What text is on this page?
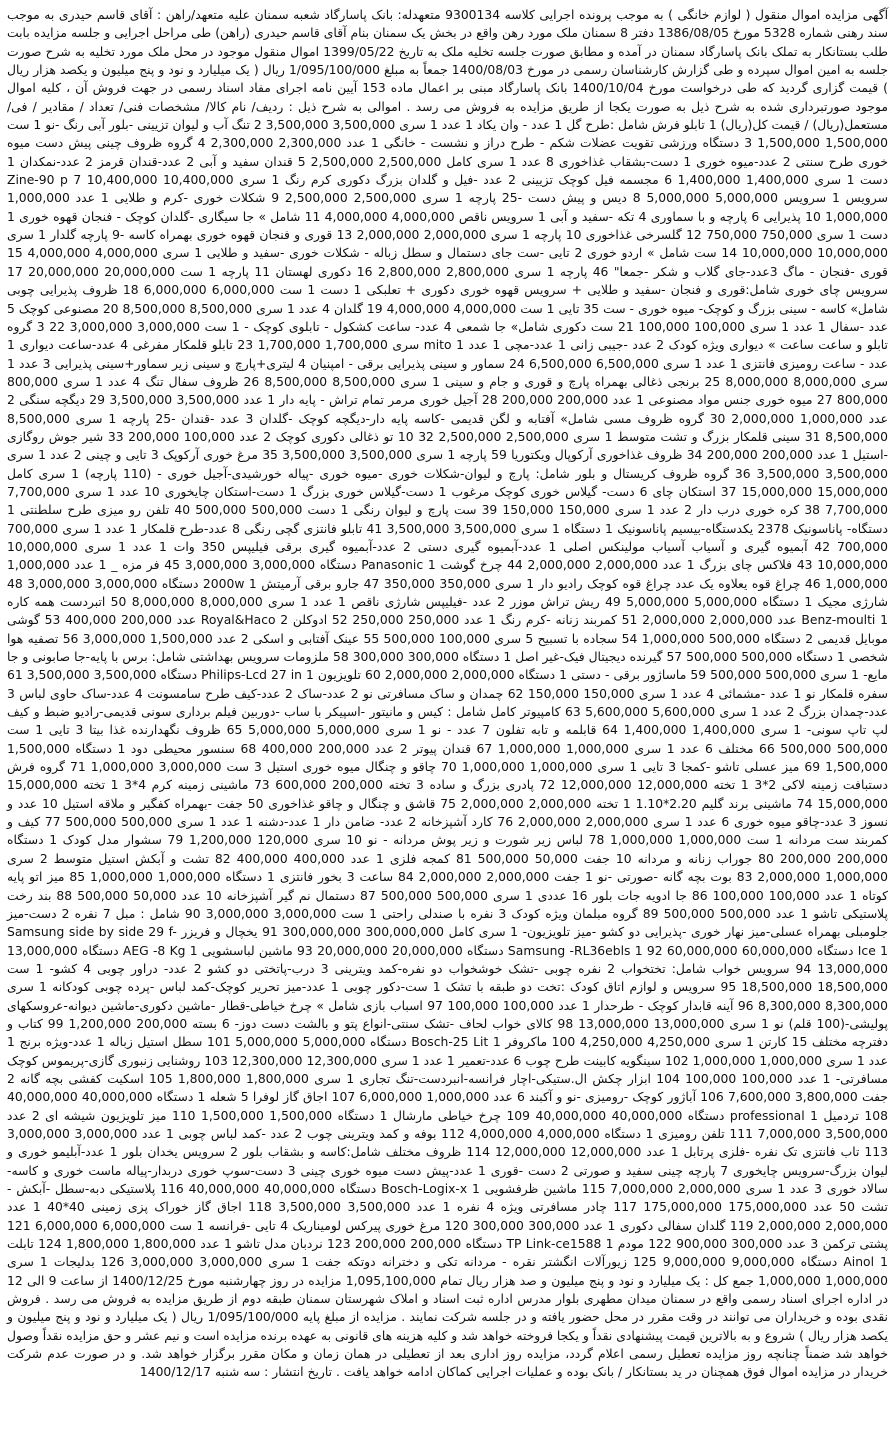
آگهی مزایده اموال منقول ( لوازم خانگی ) به موجب پرونده اجرایی کلاسه 9300134 متعهدله: بانک پاسارگاد شعبه سمنان علیه متعهد/راهن : آقای قاسم حیدری به موجب سند رهنی شماره 5328 مورخ 1386/08/05 دفتر 8 سمنان ملک مورد رهن واقع در بخش یک سمنان بنام آقای قاسم حیدری (راهن) طی مراحل اجرایی و جلسه مزایده بابت طلب بستانکار به تملک بانک پاسارگاد سمنان در آمده و مطابق صورت جلسه تخلیه ملک به تاریخ 1399/05/22 اموال منقول موجود در محل ملک مورد تخلیه به شرح صورت جلسه به امین اموال سپرده و طی گزارش کارشناسان رسمی در مورخ 1400/08/03 جمعاً به مبلغ 1/095/100/000 ریال ( یک میلیارد و نود و پنج میلیون و یکصد هزار ریال ) قیمت گزاری گردید که طی درخواست مورخ 1400/10/04 بانک پاسارگاد مبنی بر اعمال ماده 153 آیین نامه اجرای مفاد اسناد رسمی در جهت فروش آن ، کلیه اموال موجود صورتبرداری شده به شرح ذیل به صورت یکجا از طریق مزایده به فروش می رسد . اموالی به شرح ذیل : ردیف/ نام کالا/ مشخصات فنی/ تعداد / مقادیر / فی/ مستعمل(ریال) / قیمت کل(ریال) 1 تابلو فرش شامل :طرح گل 1 عدد - وان یکاد 1 عدد 1 سری 3,500,000 3,500,000 2 تنگ آب و لیوان تزیینی -بلور آبی رنگ -نو 1 ست 1,500,000 1,500,000 3 دستگاه ورزشی تقویت عضلات شکم - طرح دراز و نشست - خانگی 1 عدد 2,300,000 2,300,000 4 گروه ظروف چینی پیش دست میوه خوری طرح سنتی 2 عدد-میوه خوری 1 دست-بشقاب غذاخوری 8 عدد 1 سری کامل 2,500,000 2,500,000 5 قندان سفید و آبی 2 عدد-قندان قرمز 2 عدد-نمکدان 1 دست 1 سری 1,400,000 1,400,000 6 مجسمه فیل کوچک تزیینی 2 عدد -فیل و گلدان بزرگ دکوری کرم رنگ 1 سری 10,400,000 10,400,000 7 Zine-90 p سرویس 1 سرویس 5,000,000 5,000,000 8 دیس و پیش دست -25 پارچه 1 سری 2,500,000 2,500,000 9 شکلات خوری -کرم و طلایی 1 عدد 1,000,000 1,000,000 10 پذیرایی 6 پارچه و با سماوری 4 تکه -سفید و آبی 1 سرویس ناقص 4,000,000 4,000,000 11 شامل » جا سیگاری -گلدان کوچک - فنجان قهوه خوری 1 دست 1 سری 750,000 750,000 12 گلسرخی غذاخوری 10 پارچه 1 سری 2,000,000 2,000,000 13 قوری و فنجان قهوه خوری بهمراه کاسه -9 پارچه گلدار 1 سری 10,000,000 10,000,000 14 ست شامل » اردو خوری 2 تایی -ست جای دستمال و سطل زباله - شکلات خوری -سفید و طلایی 1 سری 4,000,000 4,000,000 15 قوری -فنجان - ماگ 3عدد-جای گلاب و شکر -جمعا" 46 پارچه 1 سری 2,800,000 2,800,000 16 دکوری لهستان 11 پارچه 1 ست 20,000,000 20,000,000 17 سرویس چای خوری شامل:قوری و فنجان -سفید و طلایی + سرویس قهوه خوری دکوری + تعلبکی 1 دست 1 ست 6,000,000 6,000,000 18 ظروف پذیرایی چوبی شامل» کاسه - سینی بزرگ و کوچک- میوه خوری - ست 35 تایی 1 ست 4,000,000 4,000,000 19 گلدان 4 عدد 1 سری 8,500,000 8,500,000 20 مصنوعی کوچک 5 عدد -سفال 1 عدد 1 سری 100,000 100,000 21 ست دکوری شامل» جا شمعی 4 عدد- ساعت کشکول - تابلوی کوچک - 1 ست 3,000,000 3,000,000 22 3 گروه تابلو و ساعت ساعت » دیواری ویژه کودک 2 عدد -جیبی زانی 1 عدد-مچی 1 عدد mito 1 سری 1,700,000 1,700,000 23 تابلو قلمکار مفرغی 4 عدد-ساعت دیواری 1 عدد - ساعت رومیزی فانتزی 1 عدد 1 سری 6,500,000 6,500,000 24 سماور و سینی پذیرایی برقی - امپنیان 4 لیتری+پارچ و سینی زیر سماور+سینی پذیرایی 3 عدد 1 سری 8,000,000 8,000,000 25 برنجی ذغالی بهمراه پارچ و قوری و جام و سینی 1 سری 8,500,000 8,500,000 26 ظروف سفال تنگ 4 عدد 1 سری 800,000 800,000 27 میوه خوری جنس مواد مصنوعی 1 عدد 200,000 200,000 28 آجیل خوری مرمر تمام تراش - پایه دار 1 عدد 3,500,000 3,500,000 29 دیگچه سنگی 2 عدد 1,000,000 2,000,000 30 گروه ظروف مسی شامل» آفتابه و لگن قدیمی -کاسه پایه دار-دیگچه کوچک -گلدان 3 عدد -قندان -25 پارچه 1 سری 8,500,000 8,500,000 31 سینی قلمکار بزرگ و تشت متوسط 1 سری 2,500,000 2,500,000 32 10 تو ذغالی دکوری کوچک 2 عدد 100,000 200,000 33 شیر جوش روگازی -استیل 1 عدد 200,000 200,000 34 ظروف غذاخوری آرکوپال ویکتوریا 59 پارچه 1 سری 3,500,000 3,500,000 35 مرغ خوری آرکوپک 3 تایی و چینی 2 عدد 1 سری 3,500,000 3,500,000 36 گروه ظروف کریستال و بلور شامل: پارچ و لیوان-شکلات خوری -میوه خوری -پیاله خورشیدی-آجیل خوری - (110 پارچه) 1 سری کامل 15,000,000 15,000,000 37 استکان چای 6 دست- گیلاس خوری کوچک مرغوب 1 دست-گیلاس خوری بزرگ 1 دست-استکان چایخوری 10 عدد 1 سری 7,700,000 7,700,000 38 کره خوری درب دار 2 عدد 1 سری 150,000 150,000 39 ست پارچ و لیوان رنگی 1 دست 500,000 500,000 40 تلفن رو میزی طرح سلطنتی 1 دستگاه- پاناسونیک 2378 یکدستگاه-بیسیم پاناسونیک 1 دستگاه 1 سری 3,500,000 3,500,000 41 تابلو فانتزی گچی رنگی 8 عدد-طرح قلمکار 1 عدد 1 سری 700,000 700,000 42 آبمیوه گیری و آسیاب آسیاب مولینکس اصلی 1 عدد-آبمیوه گیری دستی 2 عدد-آبمیوه گیری برقی فیلیپس 350 وات 1 عدد 1 سری 10,000,000 10,000,000 43 فلاکس چای بزرگ 1 عدد 2,000,000 2,000,000 44 چرخ گوشت Panasonic 1 دستگاه 3,000,000 3,000,000 45 فر مزه _ 1 عدد 1,000,000 1,000,000 46 چراغ قوه یعلاوه یک عدد چراغ قوه کوچک رادیو دار 1 سری 350,000 350,000 47 جارو برقی آرمیتش 1 2000w دستگاه 3,000,000 3,000,000 48 شارژی مجیک 1 دستگاه 5,000,000 5,000,000 49 ریش تراش موزر 2 عدد -فیلیپس شارژی ناقص 1 عدد 1 سری 8,000,000 8,000,000 50 اتبردست همه کاره Benz-moulti 1 عدد 2,000,000 2,000,000 51 کمربند زنانه -کرم رنگ 1 عدد 250,000 250,000 52 ادوکلن Royal&Haco 2 عدد 200,000 400,000 53 گوشی موبایل قدیمی 2 دستگاه 500,000 1,000,000 54 سجاده با تسبیح 5 سری 100,000 500,000 55 عینک آفتابی و اسکی 2 عدد 1,500,000 3,000,000 56 تصفیه هوا شخصی 1 دستگاه 500,000 500,000 57 گیرنده دیجیتال فیک-غیر اصل 1 دستگاه 300,000 300,000 58 ملزومات سرویس بهداشتی شامل: برس با پایه-جا صابونی و جا مایع- 1 سری 500,000 500,000 59 ماساژور برقی - دستی 1 دستگاه 2,000,000 2,000,000 60 تلویزیون Philips-Lcd 27 in 1 دستگاه 3,500,000 3,500,000 61 سفره قلمکار نو 1 عدد -مشمائی 4 عدد 1 سری 150,000 150,000 62 چمدان و ساک مسافرتی نو 2 عدد-ساک 2 عدد-کیف طرح سامسونت 4 عدد-ساک حاوی لباس 3 عدد-چمدان بزرگ 2 عدد 1 سری 5,600,000 5,600,000 63 کامپیوتر کامل شامل : کیس و مانیتور -اسپیکر با ساب -دوربین فیلم برداری سونی قدیمی-رادیو ضبط و کیف لپ تاپ سونی- 1 سری 1,400,000 1,400,000 64 قابلمه و تابه تفلون 7 عدد - نو 1 سری 5,000,000 5,000,000 65 ظروف نگهدارنده غذا بیتا 3 تایی 1 ست 500,000 500,000 66 مختلف 6 عدد 1 سری 1,000,000 1,000,000 67 قندان پیوتر 2 عدد 200,000 400,000 68 سنسور محیطی دود 1 دستگاه 1,500,000 1,500,000 69 میز عسلی تاشو -کمجا 3 تایی 1 سری 1,000,000 1,000,000 70 چاقو و چنگال میوه خوری استیل 3 ست 3,000,000 1,000,000 71 گروه فرش دستبافت زمینه لاکی 2*3 1 تخته 12,000,000 12,000,000 72 پادری بزرگ و ساده 3 تخته 200,000 600,000 73 ماشینی زمینه کرم 4*3 1 تخته 15,000,000 15,000,000 74 ماشینی برند گلیم 2.20*1.10 1 تخته 2,000,000 2,000,000 75 قاشق و چنگال و چاقو غذاخوری 50 جفت -بهمراه کفگیر و ملاقه استیل 10 عدد و نسوز 3 عدد-چاقو میوه خوری 6 عدد 1 سری 2,000,000 2,000,000 76 کارد آشپزخانه 2 عدد- ضامن دار 1 عدد-دشنه 1 عدد 1 سری 500,000 500,000 77 کیف و کمربند ست مردانه 1 ست 1,000,000 1,000,000 78 لباس زیر شورت و زیر پوش مردانه - نو 10 سری 120,000 1,200,000 79 سشوار مدل کودک 1 دستگاه 200,000 200,000 80 جوراب زنانه و مردانه 10 جفت 50,000 500,000 81 کمجه فلزی 1 عدد 400,000 400,000 82 تشت و آبکش استیل متوسط 2 سری 1,000,000 2,000,000 83 بوت بچه گانه -صورتی -نو 1 جفت 2,000,000 2,000,000 84 ساعت 3 بخور فانتزی 1 دستگاه 1,000,000 1,000,000 85 میز اتو پایه کوتاه 1 عدد 100,000 100,000 86 جا ادویه جات بلور 16 عددی 1 سری 500,000 500,000 87 دستمال نم گیر آشپزخانه 10 عدد 50,000 500,000 88 بند رخت پلاستیکی تاشو 1 عدد 500,000 500,000 89 گروه مبلمان ویژه کودک 3 نفره با صندلی راحتی 1 ست 3,000,000 3,000,000 90 شامل : مبل 7 نفره 2 دست-میز جلومبلی بهمراه عسلی-میز نهار خوری -پذیرایی دو کشو -میز تلویزیون- 1 سری کامل 300,000,000 300,000,000 91 یخچال و فریزر Samsung side by side 29 f-Ice 1 دستگاه 60,000,000 60,000,000 92 Samsung -RL36ebls 1 دستگاه 20,000,000 20,000,000 93 ماشین لباسشویی AEG -8 Kg 1 دستگاه 13,000,000 13,000,000 94 سرویس خواب شامل: تختخواب 2 نفره چوبی -تشک خوشخواب دو نفره-کمد ویترینی 3 درب-پاتختی دو کشو 2 عدد- دراور چوبی 4 کشو- 1 ست 18,500,000 18,500,000 95 سرویس و لوازم اتاق کودک :تخت دو طبقه با تشک 1 ست-دکور چوبی 1 عدد-میز تحریر کوچک-کمد لباس -پرده چوبی کودکانه 1 سری 8,300,000 8,300,000 96 آینه قابدار کوچک - طرحدار 1 عدد 100,000 100,000 97 اسباب بازی شامل » چرخ خیاطی-قطار -ماشین دکوری-ماشین دیوانه-عروسکهای پولیشی-(100 قلم) نو 1 سری 13,000,000 13,000,000 98 کالای خواب لحاف -تشک سنتی-انواع پتو و بالشت دست دوز- 6 بسته 200,000 1,200,000 99 کتاب و دفترچه مختلف 15 کارتن 1 سری 4,250,000 4,250,000 100 ماکروفر Bosch-25 Lit 1 دستگاه 5,000,000 5,000,000 101 سطل استیل زباله 1 عدد-ویژه برنج 1 عدد 1 سری 1,000,000 1,000,000 102 سینگویه کابینت طرح چوب 6 عدد-تعمیر 1 عدد 1 سری 12,300,000 12,300,000 103 روشنایی زنبوری گازی-پریموس کوچک مسافرتی- 1 عدد 100,000 100,000 104 ابزار چکش ال.ستیکی-اچار فرانسه-انبردست-تنگ تجاری 1 سری 1,800,000 1,800,000 105 اسکیت کفشی بچه گانه 2 جفت 3,800,000 7,600,000 106 آباژور کوچک -رومیزی -نو و آکبند 6 عدد 1,000,000 6,000,000 107 اجاق گاز لوفرا 5 شعله 1 دستگاه 40,000,000 40,000,000 108 تردمیل professional 1 دستگاه 40,000,000 40,000,000 109 چرخ خیاطی مارشال 1 دستگاه 1,500,000 1,500,000 110 میز تلویزیون شیشه ای 2 عدد 3,500,000 7,000,000 111 تلفن رومیزی 1 دستگاه 4,000,000 4,000,000 112 بوفه و کمد ویترینی چوب 2 عدد -کمد لباس چوبی 1 عدد 3,000,000 3,000,000 113 تاب فانتزی تک نفره -فلزی پرتابل 1 عدد 12,000,000 12,000,000 114 ظروف مختلف شامل:کاسه و بشقاب بلور 2 سرویس یخدان بلور 1 عدد-آبلیمو خوری و لیوان بزرگ-سرویس چایخوری 7 پارچه چینی سفید و صورتی 2 دست -قوری 1 عدد-پیش دست میوه خوری چینی 3 دست-سوپ خوری دربدار-پیاله ماست خوری و کاسه-سالاد خوری 3 عدد 1 سری 2,000,000 7,000,000 115 ماشین ظرفشویی Bosch-Logix-x 1 دستگاه 40,000,000 40,000,000 116 پلاستیکی دبه-سطل -آبکش - تشت 50 عدد 175,000,000 175,000,000 117 چادر مسافرتی ویژه 4 نفره 1 عدد 3,500,000 3,500,000 118 اجاق گاز خوراک پزی زمینی 40*40 1 عدد 2,000,000 2,000,000 119 گلدان سفالی دکوری 1 عدد 300,000 300,000 120 مرغ خوری پیرکس لومیناریک 4 تایی -فرانسه 1 ست 6,000,000 6,000,000 121 پشتی ترکمن 3 عدد 300,000 900,000 122 مودم TP Link-ce1588 1 دستگاه 200,000 200,000 123 نردبان مدل تاشو 1 عدد 1,800,000 1,800,000 124 تابلت Ainol 1 دستگاه 9,000,000 9,000,000 125 زیورآلات انگشتر نقره - مردانه تکی و دخترانه دوتکه جفت 1 سری 3,000,000 3,000,000 126 بدلیجات 1 سری 1,000,000 1,000,000 جمع کل : یک میلیارد و نود و پنج میلیون و صد هزار ریال تمام 1,095,100,000 مزایده در روز چهارشنبه مورخ 1400/12/25 از ساعت 9 الی 12 در اداره اجرای اسناد رسمی واقع در سمنان میدان مطهری بلوار مدرس اداره ثبت اسناد و املاک شهرستان سمنان طبقه دوم از طریق مزایده به فروش می رسد . فروش نقدی بوده و خریداران می توانند در وقت مقرر در محل حضور یافته و در جلسه شرکت نمایند . مزایده از مبلغ پایه 1/095/100/000 ریال ( یک میلیارد و نود و پنج میلیون و یکصد هزار ریال ) شروع و به بالاترین قیمت پیشنهادی نقداً و یکجا فروخته خواهد شد و کلیه هزینه های قانونی به عهده برنده مزایده است و نیم عشر و حق مزایده نقداً وصول خواهد شد ضمناً چنانچه روز مزایده تعطیل رسمی اعلام گردد، مزایده روز اداری بعد از تعطیلی در همان زمان و مکان مقرر برگزار خواهد شد. و در صورت عدم شرکت خریدار در مزایده اموال فوق همچنان در ید بستانکار / بانک بوده و عملیات اجرایی کماکان ادامه خواهد یافت . تاریخ انتشار : سه شنبه 1400/12/17
